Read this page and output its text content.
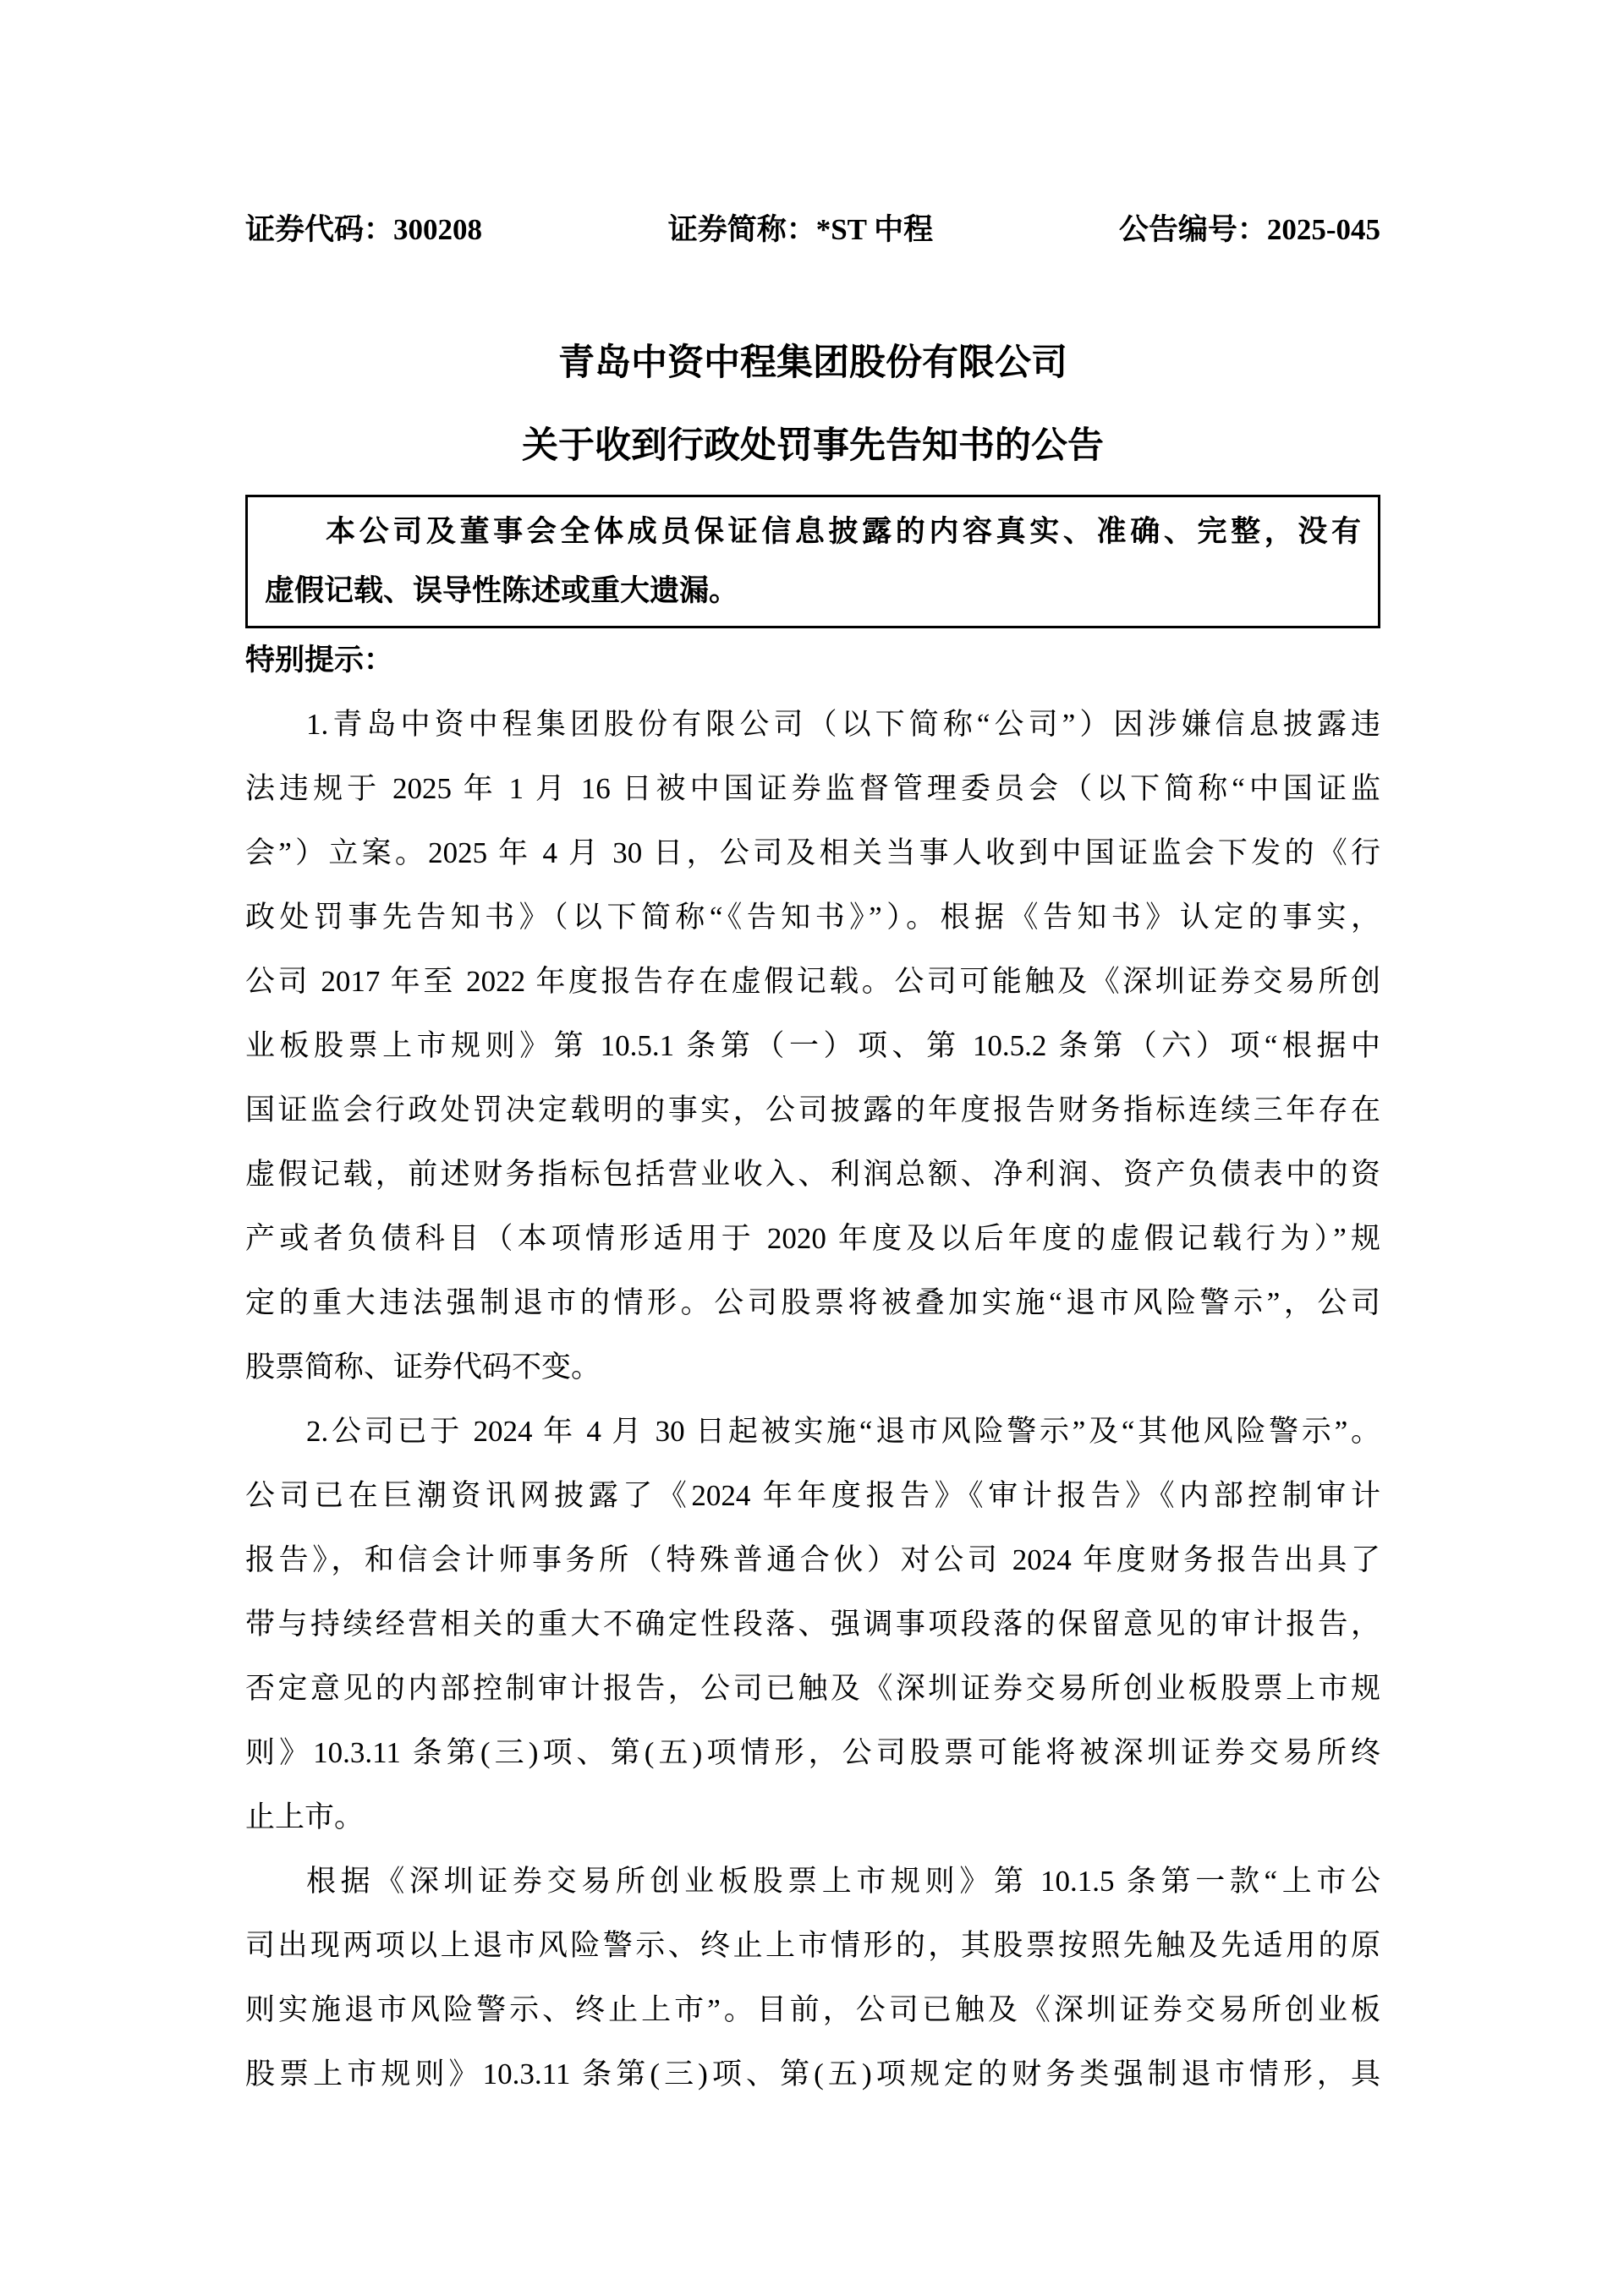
证券代码：300208	证券简称：*ST 中程	公告编号：2025-045
青岛中资中程集团股份有限公司
关于收到行政处罚事先告知书的公告
本公司及董事会全体成员保证信息披露的内容真实、准确、完整，没有
虚假记载、误导性陈述或重大遗漏。
特别提示：
1.青岛中资中程集团股份有限公司（以下简称“公司”）因涉嫌信息披露违
法违规于 2025 年 1 月 16 日被中国证券监督管理委员会（以下简称“中国证监
会”）立案。2025 年 4 月 30 日，公司及相关当事人收到中国证监会下发的《行
政处罚事先告知书》（以下简称“《告知书》”）。根据《告知书》认定的事实，
公司 2017 年至 2022 年度报告存在虚假记载。公司可能触及《深圳证券交易所创
业板股票上市规则》第 10.5.1 条第（一）项、第 10.5.2 条第（六）项“根据中
国证监会行政处罚决定载明的事实，公司披露的年度报告财务指标连续三年存在
虚假记载，前述财务指标包括营业收入、利润总额、净利润、资产负债表中的资
产或者负债科目（本项情形适用于 2020 年度及以后年度的虚假记载行为）”规
定的重大违法强制退市的情形。公司股票将被叠加实施“退市风险警示”，公司
股票简称、证券代码不变。
2.公司已于 2024 年 4 月 30 日起被实施“退市风险警示”及“其他风险警示”。
公司已在巨潮资讯网披露了《2024 年年度报告》《审计报告》《内部控制审计
报告》，和信会计师事务所（特殊普通合伙）对公司 2024 年度财务报告出具了
带与持续经营相关的重大不确定性段落、强调事项段落的保留意见的审计报告，
否定意见的内部控制审计报告，公司已触及《深圳证券交易所创业板股票上市规
则》10.3.11 条第(三)项、第(五)项情形，公司股票可能将被深圳证券交易所终
止上市。
根据《深圳证券交易所创业板股票上市规则》第 10.1.5 条第一款“上市公
司出现两项以上退市风险警示、终止上市情形的，其股票按照先触及先适用的原
则实施退市风险警示、终止上市”。目前，公司已触及《深圳证券交易所创业板
股票上市规则》10.3.11 条第(三)项、第(五)项规定的财务类强制退市情形，具
